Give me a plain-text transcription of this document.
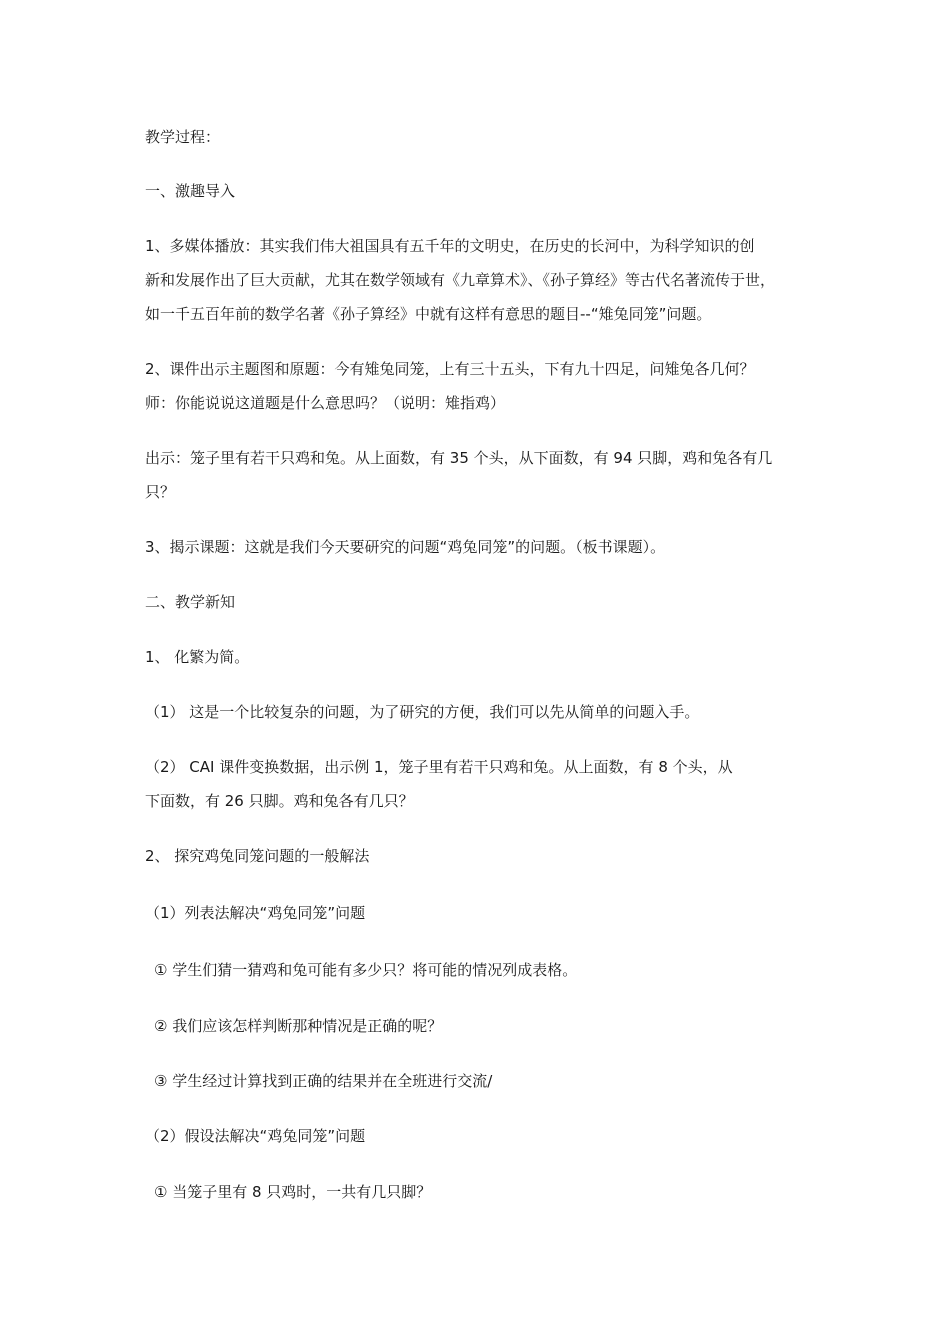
教学过程：
一、激趣导入
1、多媒体播放：其实我们伟大祖国具有五千年的文明史，在历史的长河中，为科学知识的创
新和发展作出了巨大贡献，尤其在数学领域有《九章算术》、《孙子算经》等古代名著流传于世，
如一千五百年前的数学名著《孙子算经》中就有这样有意思的题目--“雉兔同笼”问题。
2、课件出示主题图和原题：今有雉兔同笼，上有三十五头，下有九十四足，问雉兔各几何？
师：你能说说这道题是什么意思吗？（说明：雉指鸡）
出示：笼子里有若干只鸡和兔。从上面数，有 35 个头，从下面数，有 94 只脚，鸡和兔各有几
只？
3、揭示课题：这就是我们今天要研究的问题“鸡兔同笼”的问题。（板书课题）。
二、教学新知
1、 化繁为简。
（1） 这是一个比较复杂的问题，为了研究的方便，我们可以先从简单的问题入手。
（2） CAI 课件变换数据，出示例 1，笼子里有若干只鸡和兔。从上面数，有 8 个头，从
下面数，有 26 只脚。鸡和兔各有几只？
2、 探究鸡兔同笼问题的一般解法
（1）列表法解决“鸡兔同笼”问题
① 学生们猜一猜鸡和兔可能有多少只？将可能的情况列成表格。
② 我们应该怎样判断那种情况是正确的呢？
③ 学生经过计算找到正确的结果并在全班进行交流/
（2）假设法解决“鸡兔同笼”问题
① 当笼子里有 8 只鸡时，一共有几只脚？
